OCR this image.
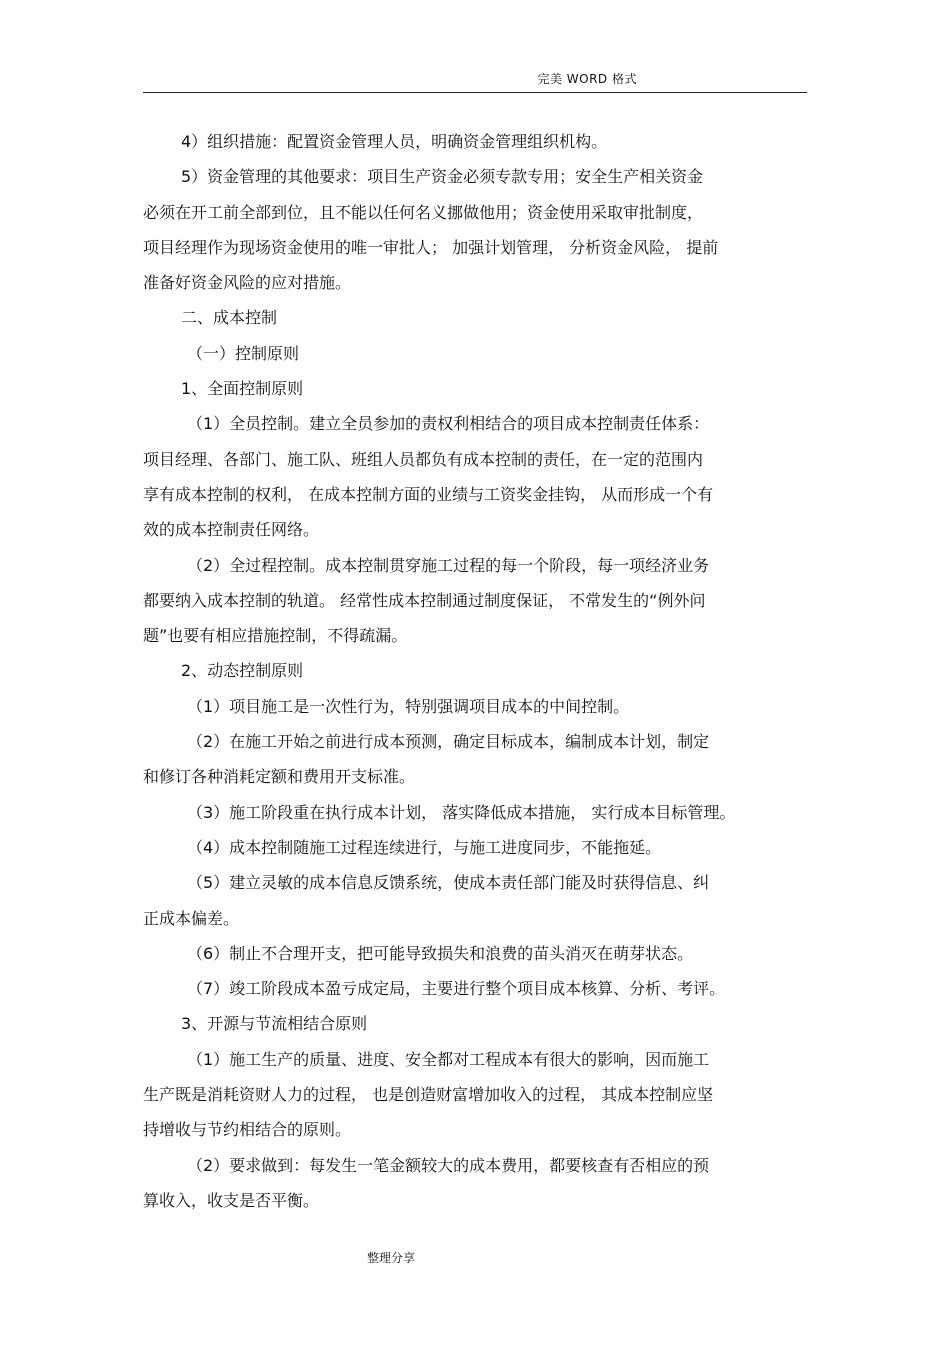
完美 WORD 格式
4）组织措施：配置资金管理人员，明确资金管理组织机构。
5）资金管理的其他要求：项目生产资金必须专款专用；安全生产相关资金
必须在开工前全部到位，且不能以任何名义挪做他用；资金使用采取审批制度，
项目经理作为现场资金使用的唯一审批人； 加强计划管理， 分析资金风险， 提前
准备好资金风险的应对措施。
二、成本控制
（一）控制原则
1、全面控制原则
（1）全员控制。建立全员参加的责权利相结合的项目成本控制责任体系：
项目经理、各部门、施工队、班组人员都负有成本控制的责任，在一定的范围内
享有成本控制的权利， 在成本控制方面的业绩与工资奖金挂钩， 从而形成一个有
效的成本控制责任网络。
（2）全过程控制。成本控制贯穿施工过程的每一个阶段，每一项经济业务
都要纳入成本控制的轨道。 经常性成本控制通过制度保证， 不常发生的“例外问
题”也要有相应措施控制，不得疏漏。
2、动态控制原则
（1）项目施工是一次性行为，特别强调项目成本的中间控制。
（2）在施工开始之前进行成本预测，确定目标成本，编制成本计划，制定
和修订各种消耗定额和费用开支标准。
（3）施工阶段重在执行成本计划， 落实降低成本措施， 实行成本目标管理。
（4）成本控制随施工过程连续进行，与施工进度同步，不能拖延。
（5）建立灵敏的成本信息反馈系统，使成本责任部门能及时获得信息、纠
正成本偏差。
（6）制止不合理开支，把可能导致损失和浪费的苗头消灭在萌芽状态。
（7）竣工阶段成本盈亏成定局，主要进行整个项目成本核算、分析、考评。
3、开源与节流相结合原则
（1）施工生产的质量、进度、安全都对工程成本有很大的影响，因而施工
生产既是消耗资财人力的过程， 也是创造财富增加收入的过程， 其成本控制应坚
持增收与节约相结合的原则。
（2）要求做到：每发生一笔金额较大的成本费用，都要核查有否相应的预
算收入，收支是否平衡。
整理分享
